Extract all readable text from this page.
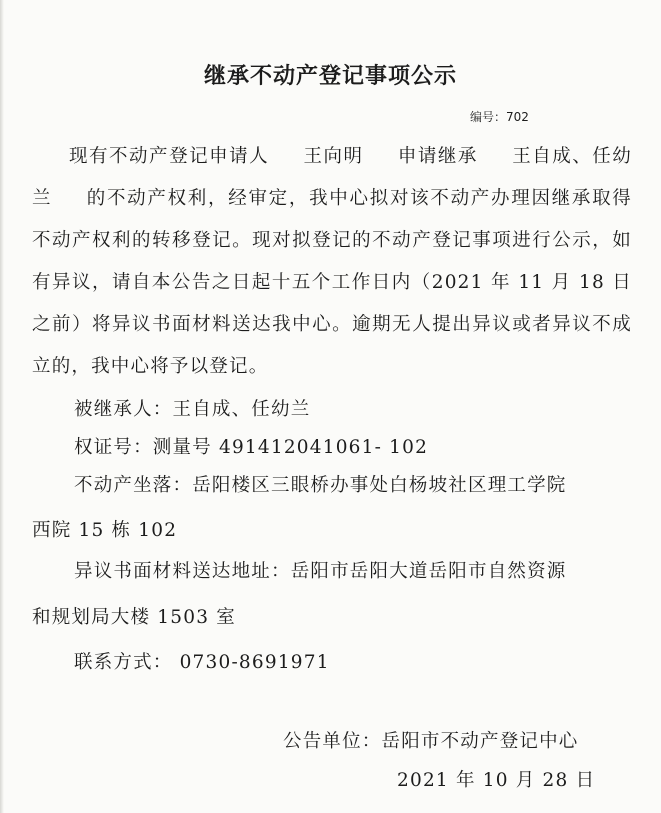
继承不动产登记事项公示
编号：702

现有不动产登记申请人 王向明 申请继承 王自成、任幼兰 的不动产权利，经审定，我中心拟对该不动产办理因继承取得不动产权利的转移登记。现对拟登记的不动产登记事项进行公示，如有异议，请自本公告之日起十五个工作日内（2021 年 11 月 18 日之前）将异议书面材料送达我中心。逾期无人提出异议或者异议不成立的，我中心将予以登记。

被继承人：王自成、任幼兰
权证号：测量号 491412041061- 102
不动产坐落：岳阳楼区三眼桥办事处白杨坡社区理工学院
西院 15 栋 102
异议书面材料送达地址：岳阳市岳阳大道岳阳市自然资源
和规划局大楼 1503 室
联系方式： 0730-8691971
公告单位：岳阳市不动产登记中心
2021 年 10 月 28 日
